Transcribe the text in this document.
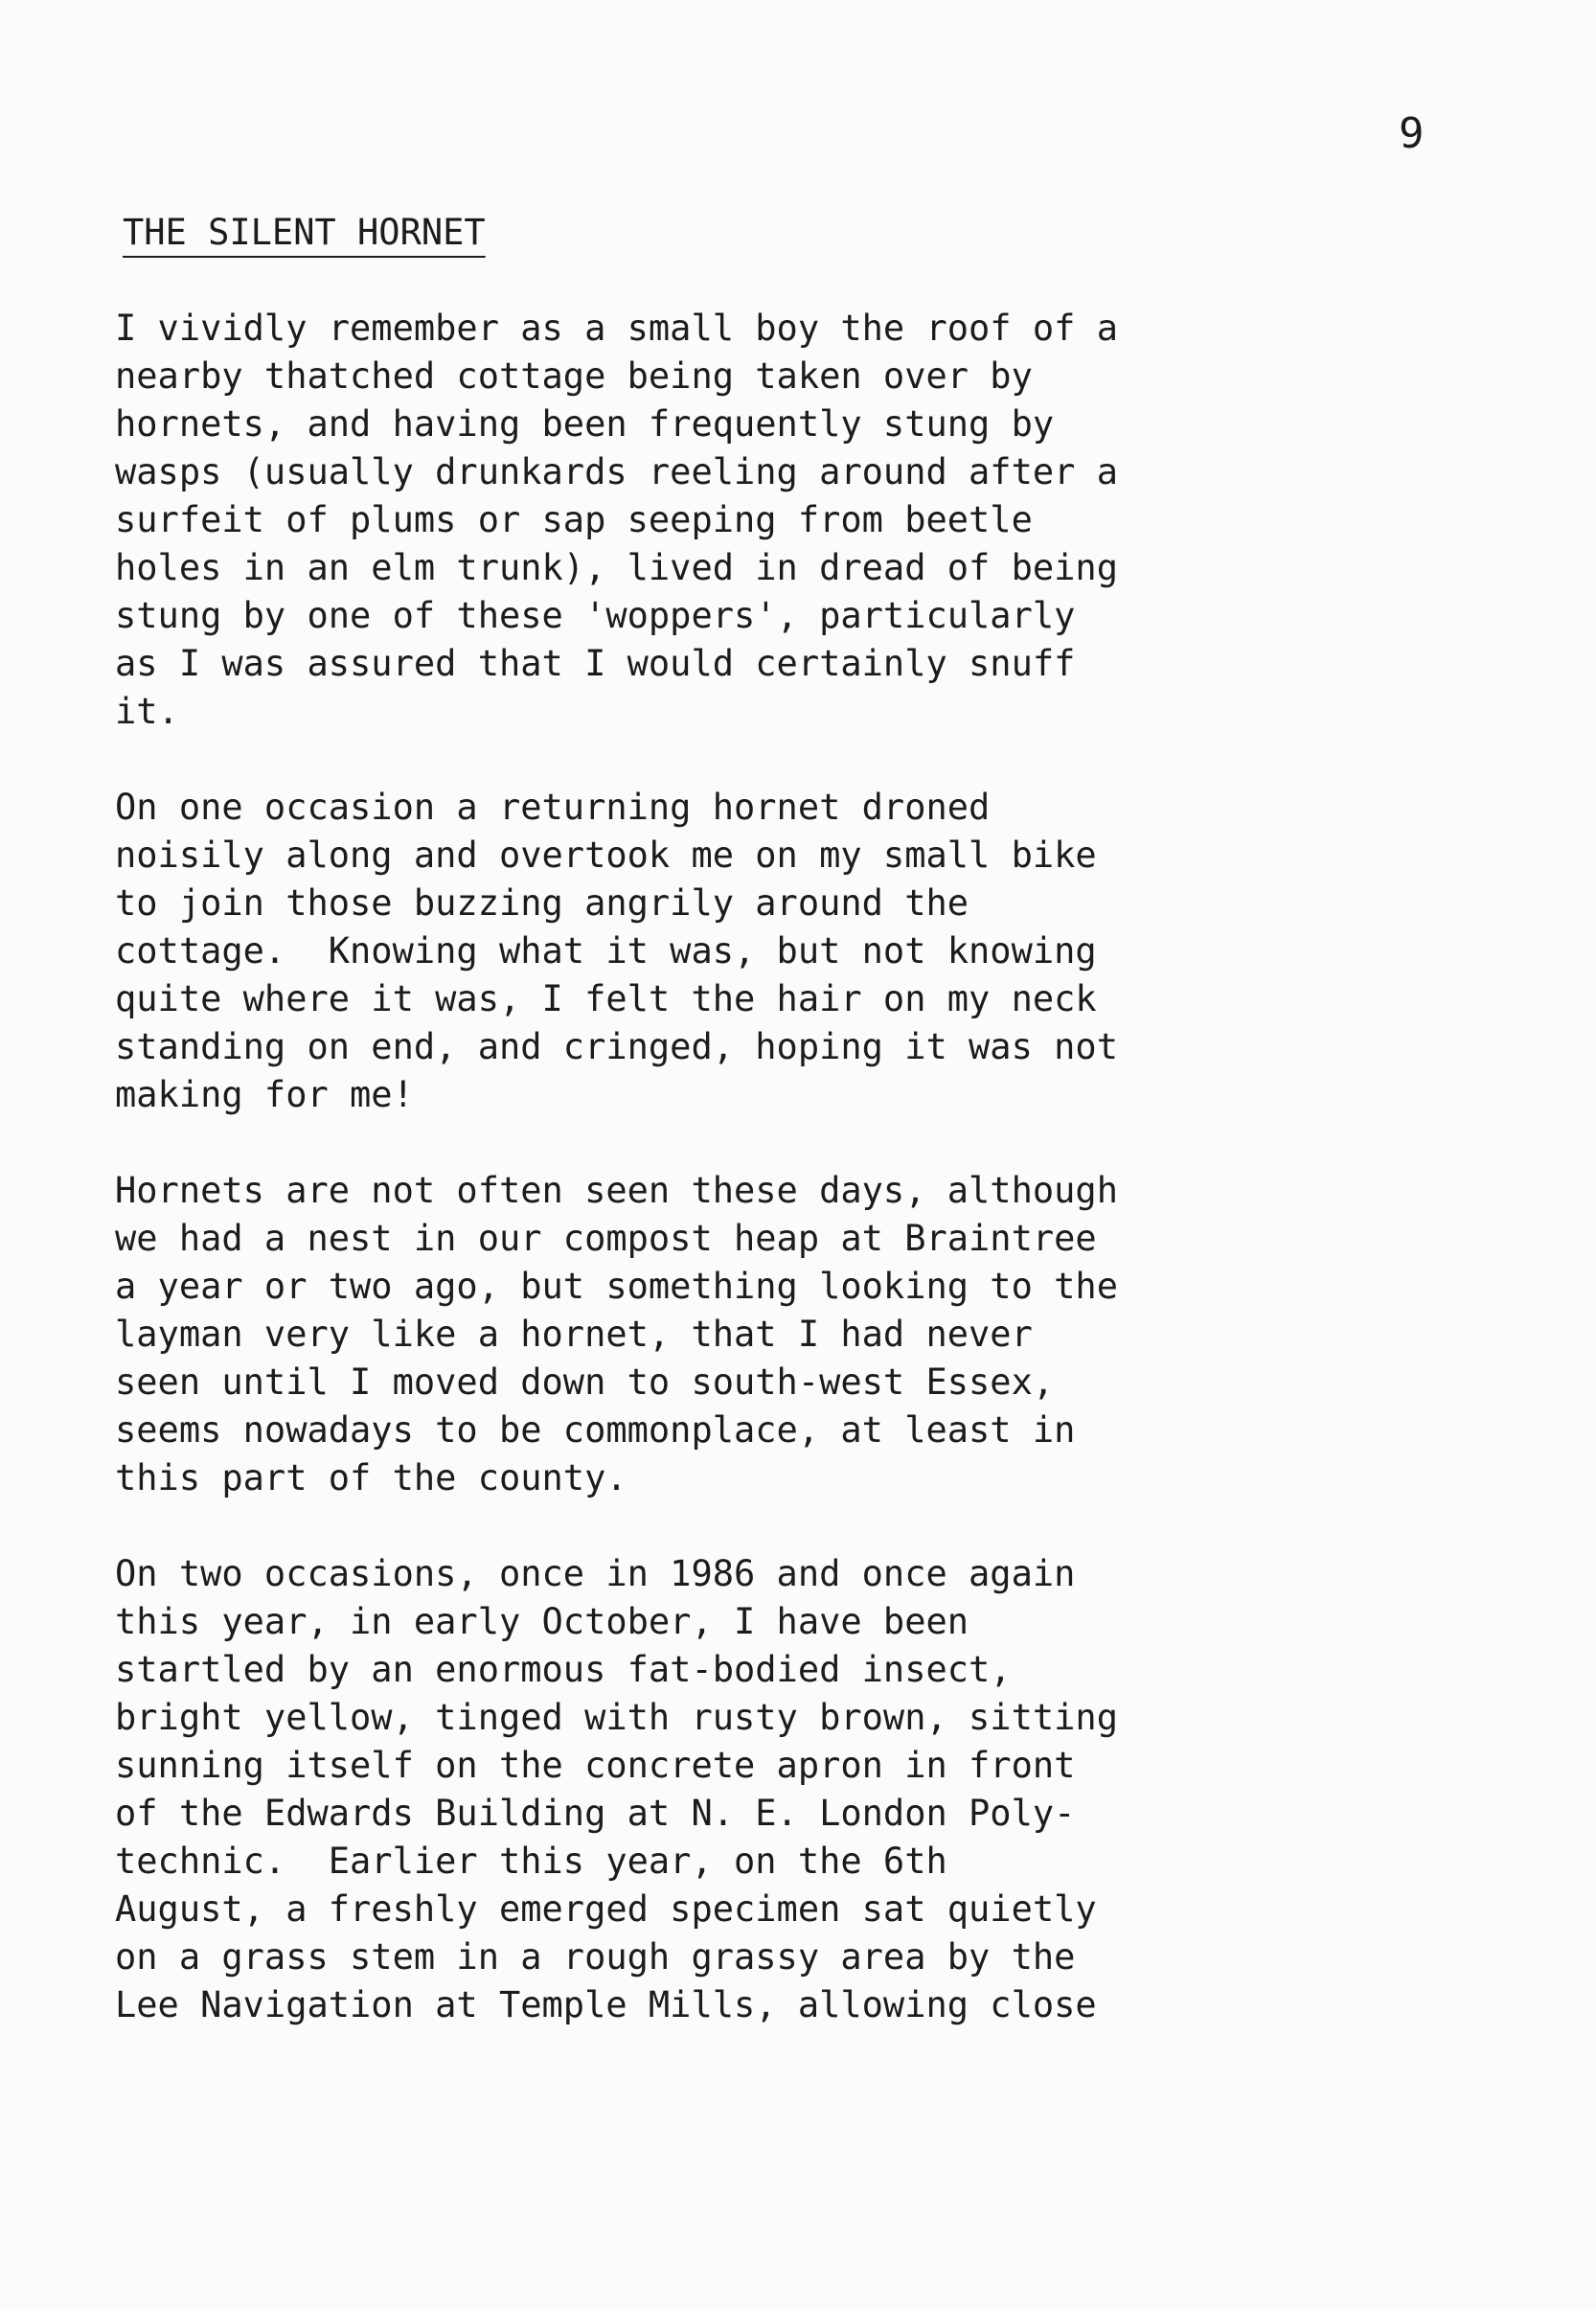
9
THE SILENT HORNET
I vividly remember as a small boy the roof of a
nearby thatched cottage being taken over by
hornets, and having been frequently stung by
wasps (usually drunkards reeling around after a
surfeit of plums or sap seeping from beetle
holes in an elm trunk), lived in dread of being
stung by one of these 'woppers', particularly
as I was assured that I would certainly snuff
it.
On one occasion a returning hornet droned
noisily along and overtook me on my small bike
to join those buzzing angrily around the
cottage.  Knowing what it was, but not knowing
quite where it was, I felt the hair on my neck
standing on end, and cringed, hoping it was not
making for me!
Hornets are not often seen these days, although
we had a nest in our compost heap at Braintree
a year or two ago, but something looking to the
layman very like a hornet, that I had never
seen until I moved down to south-west Essex,
seems nowadays to be commonplace, at least in
this part of the county.
On two occasions, once in 1986 and once again
this year, in early October, I have been
startled by an enormous fat-bodied insect,
bright yellow, tinged with rusty brown, sitting
sunning itself on the concrete apron in front
of the Edwards Building at N. E. London Poly-
technic.  Earlier this year, on the 6th
August, a freshly emerged specimen sat quietly
on a grass stem in a rough grassy area by the
Lee Navigation at Temple Mills, allowing close
